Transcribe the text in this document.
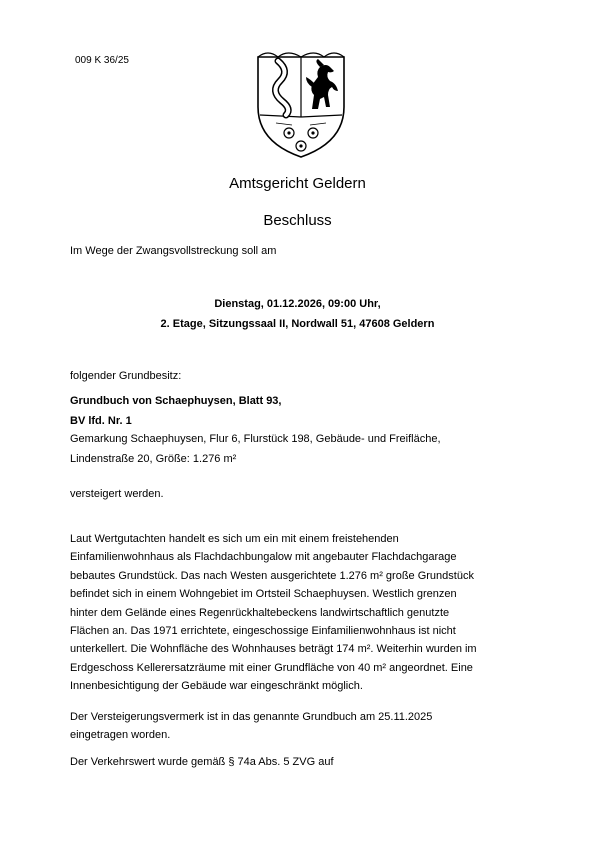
009 K 36/25
Amtsgericht Geldern
Beschluss
Im Wege der Zwangsvollstreckung soll am
Dienstag, 01.12.2026, 09:00 Uhr,
2. Etage, Sitzungssaal II, Nordwall 51, 47608 Geldern
folgender Grundbesitz:
Grundbuch von Schaephuysen, Blatt 93,
BV lfd. Nr. 1
Gemarkung Schaephuysen, Flur 6, Flurstück 198, Gebäude- und Freifläche,
Lindenstraße 20, Größe: 1.276 m²
versteigert werden.
Laut Wertgutachten handelt es sich um ein mit einem freistehenden
Einfamilienwohnhaus als Flachdachbungalow mit angebauter Flachdachgarage
bebautes Grundstück. Das nach Westen ausgerichtete 1.276 m² große Grundstück
befindet sich in einem Wohngebiet im Ortsteil Schaephuysen. Westlich grenzen
hinter dem Gelände eines Regenrückhaltebeckens landwirtschaftlich genutzte
Flächen an. Das 1971 errichtete, eingeschossige Einfamilienwohnhaus ist nicht
unterkellert. Die Wohnfläche des Wohnhauses beträgt 174 m². Weiterhin wurden im
Erdgeschoss Kellerersatzräume mit einer Grundfläche von 40 m² angeordnet. Eine
Innenbesichtigung der Gebäude war eingeschränkt möglich.
Der Versteigerungsvermerk ist in das genannte Grundbuch am 25.11.2025
eingetragen worden.
Der Verkehrswert wurde gemäß § 74a Abs. 5 ZVG auf
